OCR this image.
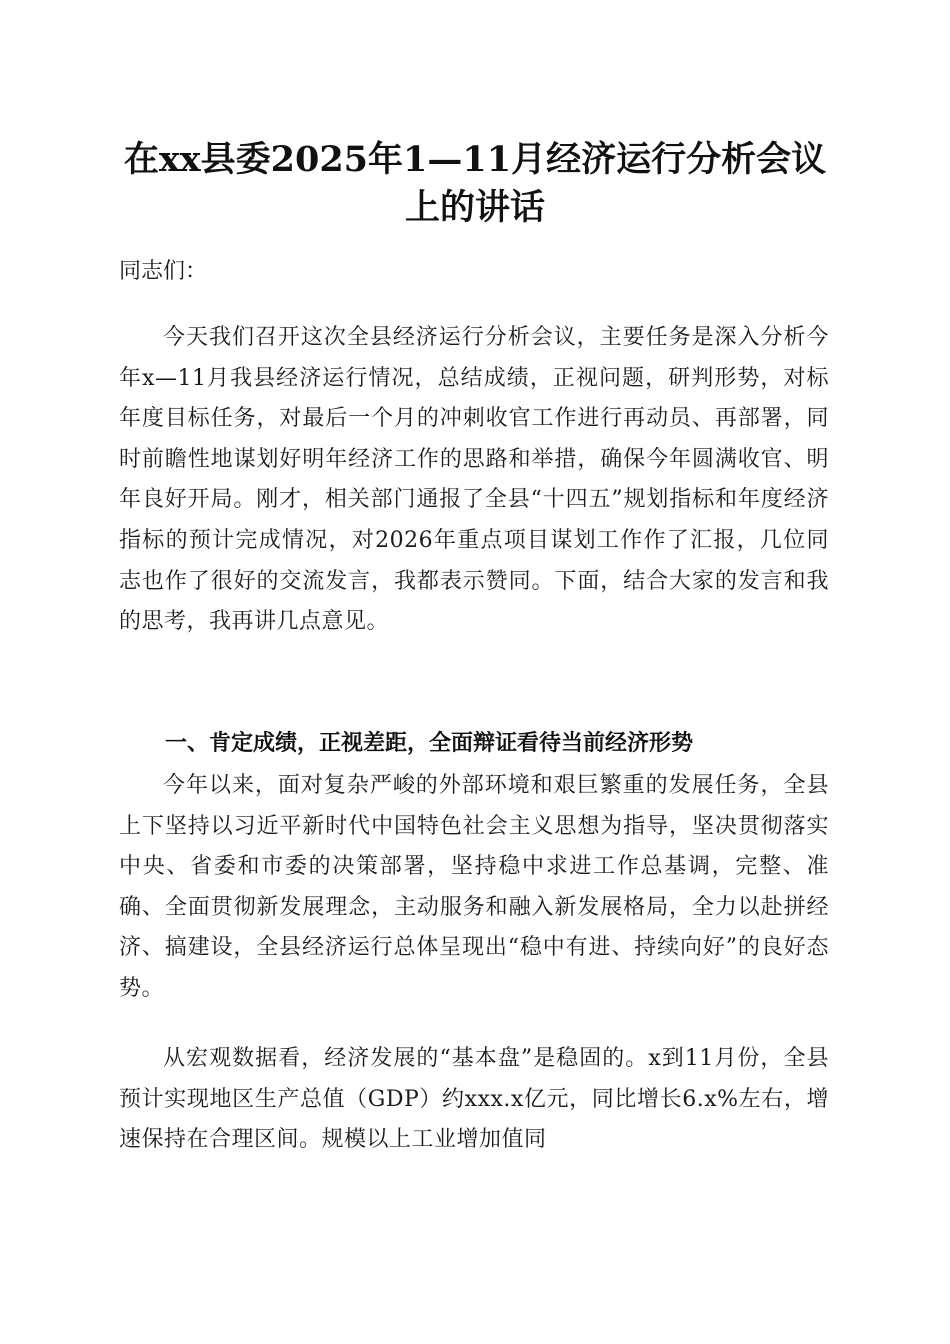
在xx县委2025年1—11月经济运行分析会议
上的讲话

同志们：

今天我们召开这次全县经济运行分析会议，主要任务是深入分析今年x—11月我县经济运行情况，总结成绩，正视问题，研判形势，对标年度目标任务，对最后一个月的冲刺收官工作进行再动员、再部署，同时前瞻性地谋划好明年经济工作的思路和举措，确保今年圆满收官、明年良好开局。刚才，相关部门通报了全县“十四五”规划指标和年度经济指标的预计完成情况，对2026年重点项目谋划工作作了汇报，几位同志也作了很好的交流发言，我都表示赞同。下面，结合大家的发言和我的思考，我再讲几点意见。

一、肯定成绩，正视差距，全面辩证看待当前经济形势

今年以来，面对复杂严峻的外部环境和艰巨繁重的发展任务，全县上下坚持以习近平新时代中国特色社会主义思想为指导，坚决贯彻落实中央、省委和市委的决策部署，坚持稳中求进工作总基调，完整、准确、全面贯彻新发展理念，主动服务和融入新发展格局，全力以赴拼经济、搞建设，全县经济运行总体呈现出“稳中有进、持续向好”的良好态势。

从宏观数据看，经济发展的“基本盘”是稳固的。x到11月份，全县预计实现地区生产总值（GDP）约xxx.x亿元，同比增长6.x%左右，增速保持在合理区间。规模以上工业增加值同
